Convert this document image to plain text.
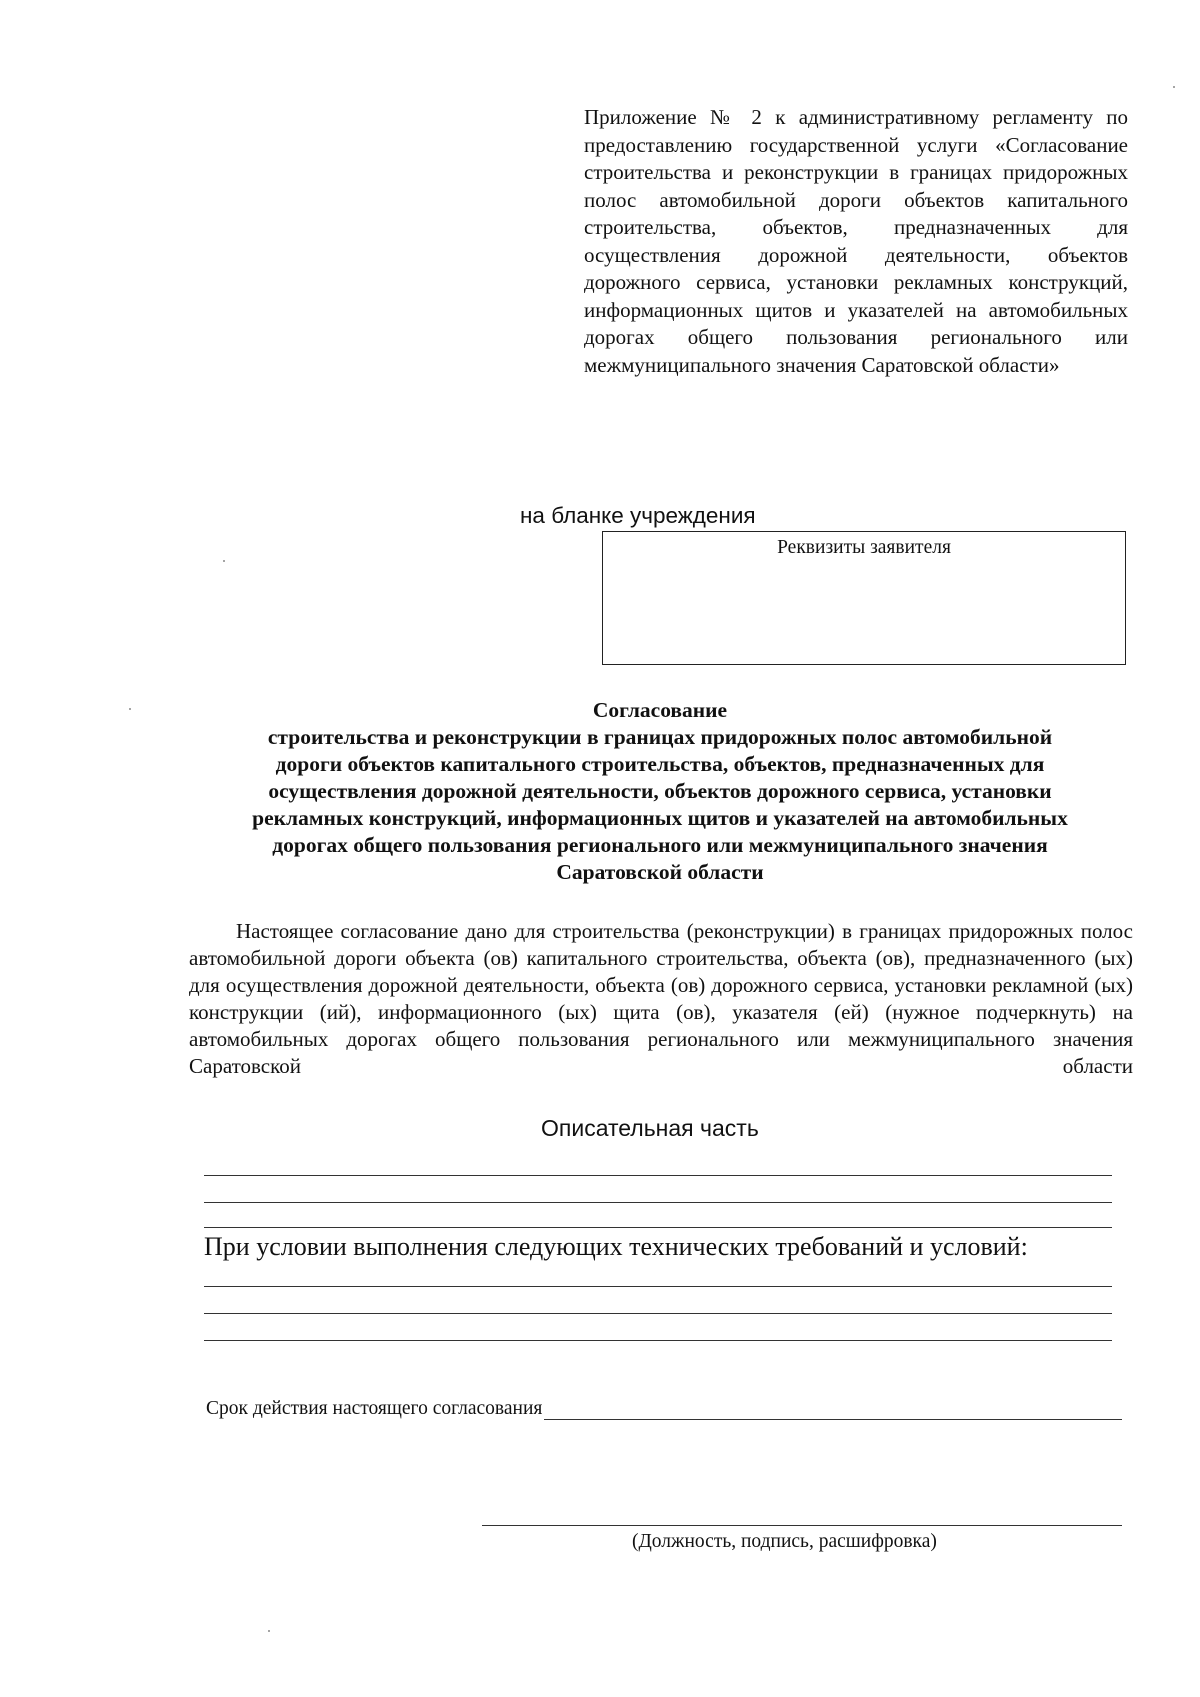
Приложение № 2 к административному регламенту по предоставлению государственной услуги «Согласование строительства и реконструкции в границах придорожных полос автомобильной дороги объектов капитального строительства, объектов, предназначенных для осуществления дорожной деятельности, объектов дорожного сервиса, установки рекламных конструкций, информационных щитов и указателей на автомобильных дорогах общего пользования регионального или межмуниципального значения Саратовской области»
на бланке учреждения
Реквизиты заявителя
Согласование
строительства и реконструкции в границах придорожных полос автомобильной
дороги объектов капитального строительства, объектов, предназначенных для
осуществления дорожной деятельности, объектов дорожного сервиса, установки
рекламных конструкций, информационных щитов и указателей на автомобильных
дорогах общего пользования регионального или межмуниципального значения
Саратовской области
Настоящее согласование дано для строительства (реконструкции) в границах придорожных полос автомобильной дороги объекта (ов) капитального строительства, объекта (ов), предназначенного (ых) для осуществления дорожной деятельности, объекта (ов) дорожного сервиса, установки рекламной (ых) конструкции (ий), информационного (ых) щита (ов), указателя (ей) (нужное подчеркнуть) на автомобильных дорогах общего пользования регионального или межмуниципального значения Саратовской области
Описательная часть
При условии выполнения следующих технических требований и условий:
Срок действия настоящего согласования
(Должность, подпись, расшифровка)
